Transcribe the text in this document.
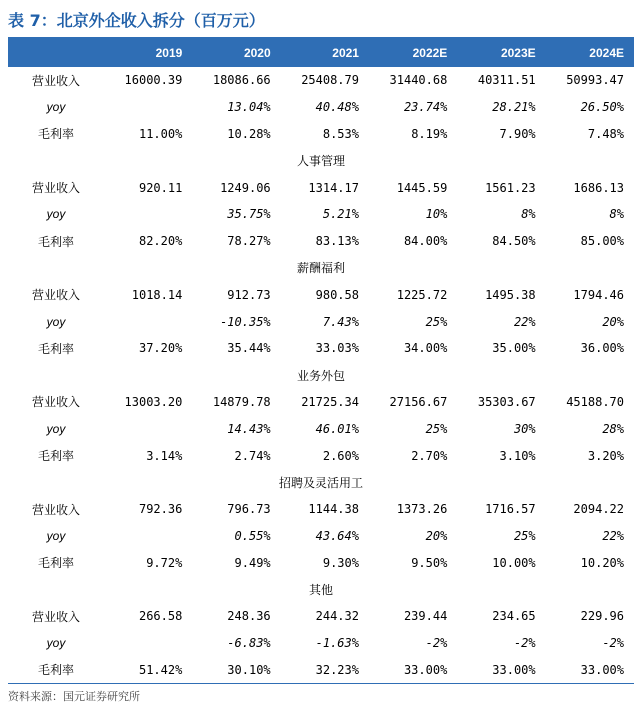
表 7：北京外企收入拆分（百万元）
	2019	2020	2021	2022E	2023E	2024E
营业收入	16000.39	18086.66	25408.79	31440.68	40311.51	50993.47
yoy		13.04%	40.48%	23.74%	28.21%	26.50%
毛利率	11.00%	10.28%	8.53%	8.19%	7.90%	7.48%
人事管理						
营业收入	920.11	1249.06	1314.17	1445.59	1561.23	1686.13
yoy		35.75%	5.21%	10%	8%	8%
毛利率	82.20%	78.27%	83.13%	84.00%	84.50%	85.00%
薪酬福利						
营业收入	1018.14	912.73	980.58	1225.72	1495.38	1794.46
yoy		-10.35%	7.43%	25%	22%	20%
毛利率	37.20%	35.44%	33.03%	34.00%	35.00%	36.00%
业务外包						
营业收入	13003.20	14879.78	21725.34	27156.67	35303.67	45188.70
yoy		14.43%	46.01%	25%	30%	28%
毛利率	3.14%	2.74%	2.60%	2.70%	3.10%	3.20%
招聘及灵活用工						
营业收入	792.36	796.73	1144.38	1373.26	1716.57	2094.22
yoy		0.55%	43.64%	20%	25%	22%
毛利率	9.72%	9.49%	9.30%	9.50%	10.00%	10.20%
其他						
营业收入	266.58	248.36	244.32	239.44	234.65	229.96
yoy		-6.83%	-1.63%	-2%	-2%	-2%
毛利率	51.42%	30.10%	32.23%	33.00%	33.00%	33.00%
资料来源：国元证券研究所
